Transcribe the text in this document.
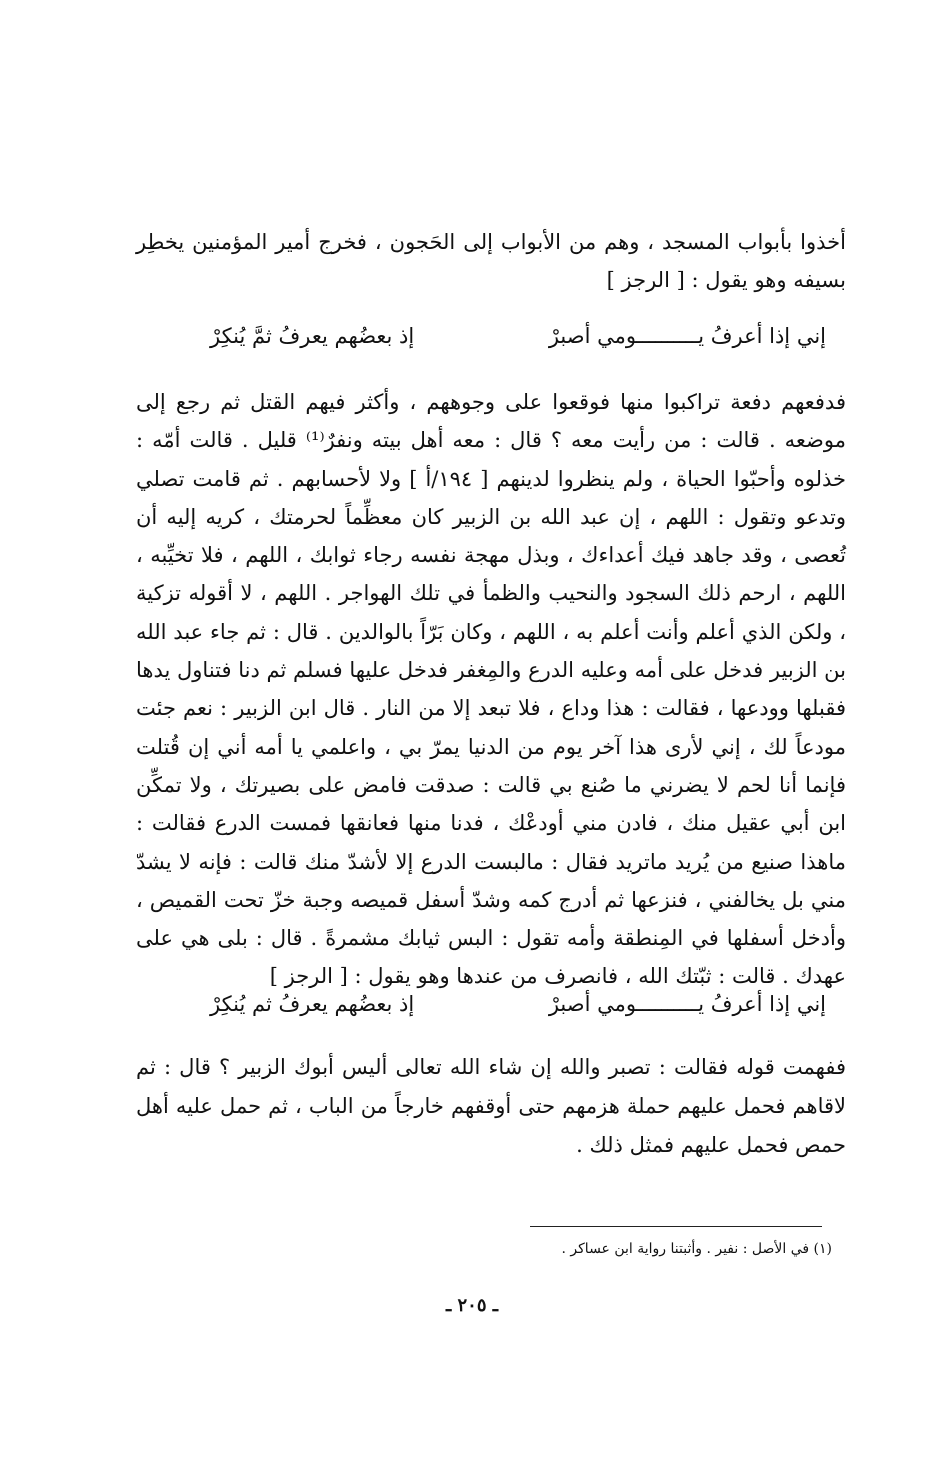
أخذوا بأبواب المسجد ، وهم من الأبواب إلى الحَجون ، فخرج أمير المؤمنين يخطِر بسيفه وهو يقول : [ الرجز ]

إني إذا أعرفُ يــــــــــومي أصبرْ
إذ بعضُهم يعرفُ ثمَّ يُنكِرْ

فدفعهم دفعة تراكبوا منها فوقعوا على وجوههم ، وأكثر فيهم القتل ثم رجع إلى موضعه . قالت : من رأيت معه ؟ قال : معه أهل بيته ونفرٌ⁽¹⁾ قليل . قالت أمّه : خذلوه وأحبّوا الحياة ، ولم ينظروا لدينهم [ ١٩٤/أ ] ولا لأحسابهم . ثم قامت تصلي وتدعو وتقول : اللهم ، إن عبد الله بن الزبير كان معظِّماً لحرمتك ، كريه إليه أن تُعصى ، وقد جاهد فيك أعداءك ، وبذل مهجة نفسه رجاء ثوابك ، اللهم ، فلا تخيِّبه ، اللهم ، ارحم ذلك السجود والنحيب والظمأ في تلك الهواجر . اللهم ، لا أقوله تزكية ، ولكن الذي أعلم وأنت أعلم به ، اللهم ، وكان بَرّاً بالوالدين . قال : ثم جاء عبد الله بن الزبير فدخل على أمه وعليه الدرع والمِغفر فدخل عليها فسلم ثم دنا فتناول يدها فقبلها وودعها ، فقالت : هذا وداع ، فلا تبعد إلا من النار . قال ابن الزبير : نعم جئت مودعاً لك ، إني لأرى هذا آخر يوم من الدنيا يمرّ بي ، واعلمي يا أمه أني إن قُتلت فإنما أنا لحم لا يضرني ما صُنع بي قالت : صدقت فامض على بصيرتك ، ولا تمكِّن ابن أبي عقيل منك ، فادن مني أودعْك ، فدنا منها فعانقها فمست الدرع فقالت : ماهذا صنيع من يُريد ماتريد فقال : مالبست الدرع إلا لأشدّ منك قالت : فإنه لا يشدّ مني بل يخالفني ، فنزعها ثم أدرج كمه وشدّ أسفل قميصه وجبة خزّ تحت القميص ، وأدخل أسفلها في المِنطقة وأمه تقول : البس ثيابك مشمرةً . قال : بلى هي على عهدك . قالت : ثبّتك الله ، فانصرف من عندها وهو يقول : [ الرجز ]

إني إذا أعرفُ يــــــــــومي أصبرْ
إذ بعضُهم يعرفُ ثم يُنكِرْ

ففهمت قوله فقالت : تصبر والله إن شاء الله تعالى أليس أبوك الزبير ؟ قال : ثم لاقاهم فحمل عليهم حملة هزمهم حتى أوقفهم خارجاً من الباب ، ثم حمل عليه أهل حمص فحمل عليهم فمثل ذلك .

(١) في الأصل : نفير . وأثبتنا رواية ابن عساكر .
ـ ٢٠٥ ـ
